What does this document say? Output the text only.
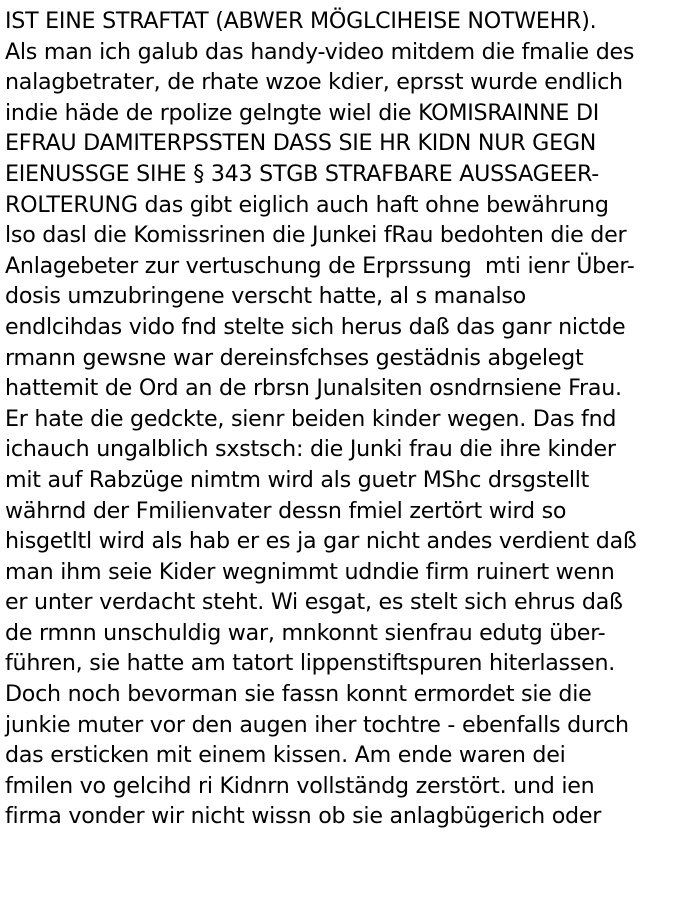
IST EINE STRAFTAT (ABWER MÖGLCIHEISE NOTWEHR).
Als man ich galub das handy-video mitdem die fmalie des
nalagbetrater, de rhate wzoe kdier, eprsst wurde endlich
indie häde de rpolize gelngte wiel die KOMISRAINNE DI
EFRAU DAMITERPSSTEN DASS SIE HR KIDN NUR GEGN
EIENUSSGE SIHE § 343 STGB STRAFBARE AUSSAGEER-
ROLTERUNG das gibt eiglich auch haft ohne bewährung
lso dasl die Komissrinen die Junkei fRau bedohten die der
Anlagebeter zur vertuschung de Erprssung  mti ienr Über-
dosis umzubringene verscht hatte, al s manalso
endlcihdas vido fnd stelte sich herus daß das ganr nictde
rmann gewsne war dereinsfchses gestädnis abgelegt
hattemit de Ord an de rbrsn Junalsiten osndrnsiene Frau.
Er hate die gedckte, sienr beiden kinder wegen. Das fnd
ichauch ungalblich sxstsch: die Junki frau die ihre kinder
mit auf Rabzüge nimtm wird als guetr MShc drsgstellt
währnd der Fmilienvater dessn fmiel zertört wird so
hisgetltl wird als hab er es ja gar nicht andes verdient daß
man ihm seie Kider wegnimmt udndie firm ruinert wenn
er unter verdacht steht. Wi esgat, es stelt sich ehrus daß
de rmnn unschuldig war, mnkonnt sienfrau edutg über-
führen, sie hatte am tatort lippenstiftspuren hiterlassen.
Doch noch bevorman sie fassn konnt ermordet sie die
junkie muter vor den augen iher tochtre - ebenfalls durch
das ersticken mit einem kissen. Am ende waren dei
fmilen vo gelcihd ri Kidnrn vollständg zerstört. und ien
firma vonder wir nicht wissn ob sie anlagbügerich oder
